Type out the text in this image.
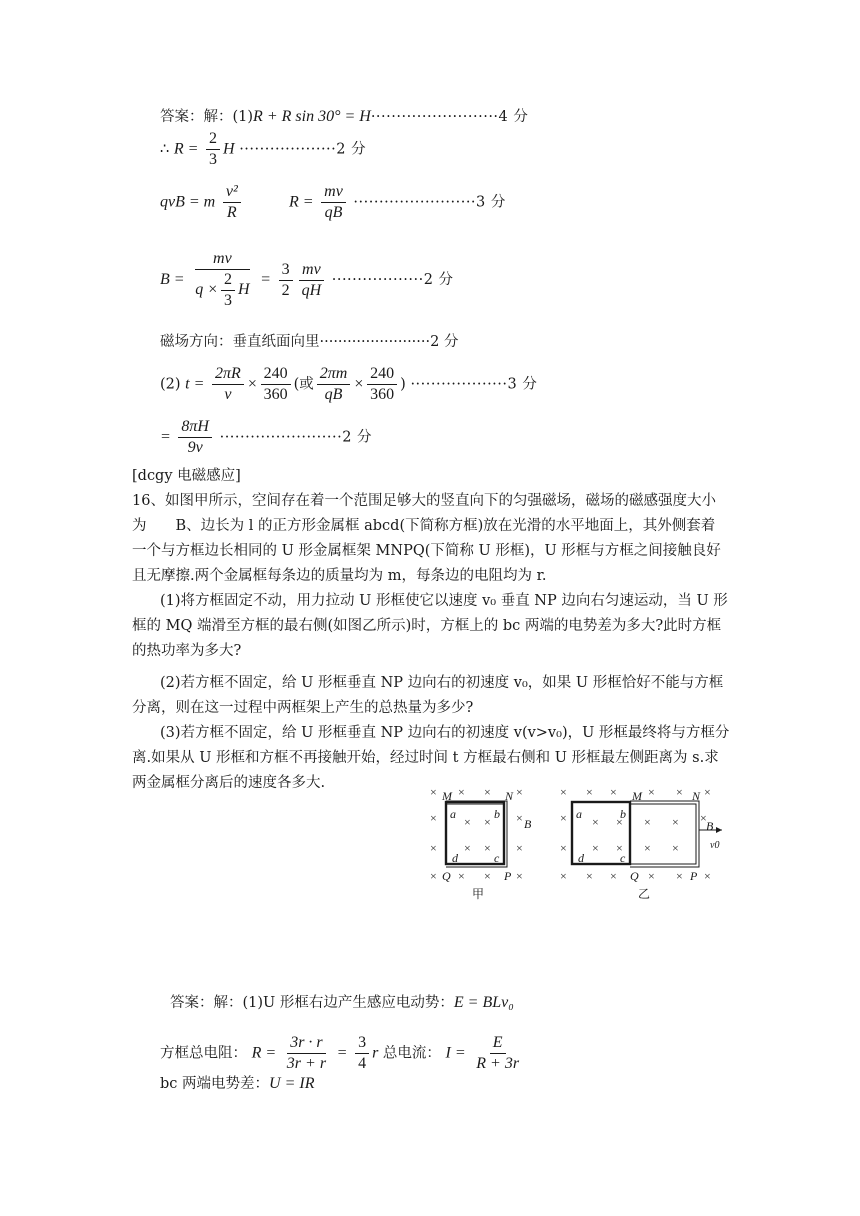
答案：解：(1)R + R sin 30° = H·························4 分
∴ $R = \frac{2}{3}$ H ···················2 分
qvB = m $\frac{\text{v²}}{R}$	$R = \frac{mv}{qB} \cdot\cdot\cdot\cdot\cdot\cdot\cdot\cdot\cdot\cdot\cdot\cdot\cdot\cdot\cdot\cdot\cdot\cdot\cdot\cdot\cdot\cdot\cdot\cdot 3$ 分
$B = \frac{mv}{q \times \frac{2}{3} H} = \frac{3}{2} \frac{mv}{qH} \cdot\cdot\cdot\cdot\cdot\cdot\cdot\cdot\cdot\cdot\cdot\cdot\cdot\cdot\cdot\cdot\cdot\cdot 2$ 分
磁场方向：垂直纸面向里························2 分
(2) $t = \frac{2\pi R}{v} \times \frac{240}{360}$ (或 $\frac{2\pi m}{qB} \times \frac{240}{360}$ ) ···················3 分
= $\frac{8\pi H}{9v} \cdot\cdot\cdot\cdot\cdot\cdot\cdot\cdot\cdot\cdot\cdot\cdot\cdot\cdot\cdot\cdot\cdot\cdot\cdot\cdot\cdot\cdot\cdot\cdot 2$ 分
[dcgy 电磁感应]
16、如图甲所示，空间存在着一个范围足够大的竖直向下的匀强磁场，磁场的磁感强度大小
为　　B、边长为 l 的正方形金属框 abcd(下简称方框)放在光滑的水平地面上，其外侧套着
一个与方框边长相同的 U 形金属框架 MNPQ(下简称 U 形框)，U 形框与方框之间接触良好
且无摩擦.两个金属框每条边的质量均为 m，每条边的电阻均为 r.
(1)将方框固定不动，用力拉动 U 形框使它以速度 v₀ 垂直 NP 边向右匀速运动，当 U 形
框的 MQ 端滑至方框的最右侧(如图乙所示)时，方框上的 bc 两端的电势差为多大?此时方框
的热功率为多大?
(2)若方框不固定，给 U 形框垂直 NP 边向右的初速度 v₀，如果 U 形框恰好不能与方框
分离，则在这一过程中两框架上产生的总热量为多少?
(3)若方框不固定，给 U 形框垂直 NP 边向右的初速度 v(v>v₀)，U 形框最终将与方框分
离.如果从 U 形框和方框不再接触开始，经过时间 t 方框最右侧和 U 形框最左侧距离为 s.求
两金属框分离后的速度各多大.
× × × ×
× × × ×
× × × ×
× × × ×
M	N
a	b
d	c
B
Q	P
甲
× × ×	× × ×
× × × × × ×
× × × × ×
× × ×	× × ×
M	N
a	b
d	c
B
Q	P
v0
乙
答案：解：(1)U 形框右边产生感应电动势：E = BLv₀
方框总电阻： $R = \frac{3r \cdot r}{3r + r} = \frac{3}{4}$ r 总电流： $I = \frac{E}{R + 3r}$
bc 两端电势差：U = IR
